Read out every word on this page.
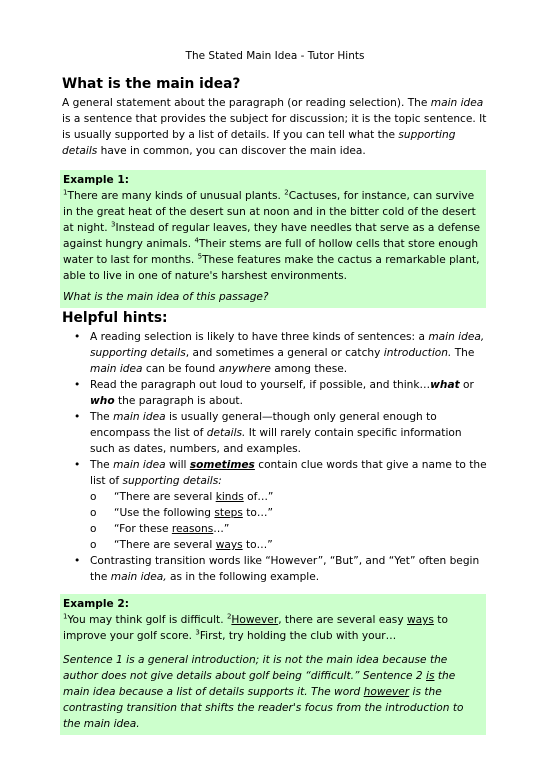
The Stated Main Idea - Tutor Hints
What is the main idea?

A general statement about the paragraph (or reading selection). The main idea is a sentence that provides the subject for discussion; it is the topic sentence. It is usually supported by a list of details. If you can tell what the supporting details have in common, you can discover the main idea.

Example 1:
$^1$There are many kinds of unusual plants. $^2$Cactuses, for instance, can survive in the great heat of the desert sun at noon and in the bitter cold of the desert at night. $^3$Instead of regular leaves, they have needles that serve as a defense against hungry animals. $^4$Their stems are full of hollow cells that store enough water to last for months. $^5$These features make the cactus a remarkable plant, able to live in one of nature's harshest environments.
What is the main idea of this passage?
Helpful hints:
• A reading selection is likely to have three kinds of sentences: a main idea, supporting details, and sometimes a general or catchy introduction. The main idea can be found anywhere among these.
• Read the paragraph out loud to yourself, if possible, and think…what or who the paragraph is about.
• The main idea is usually general—though only general enough to encompass the list of details. It will rarely contain specific information such as dates, numbers, and examples.
• The main idea will sometimes contain clue words that give a name to the list of supporting details:
o “There are several kinds of…”
o “Use the following steps to…”
o “For these reasons…”
o “There are several ways to…”
• Contrasting transition words like “However”, “But”, and “Yet” often begin the main idea, as in the following example.
Example 2:
$^1$You may think golf is difficult. $^2$However, there are several easy ways to improve your golf score. $^3$First, try holding the club with your…
Sentence 1 is a general introduction; it is not the main idea because the author does not give details about golf being “difficult.” Sentence 2 is the main idea because a list of details supports it. The word however is the contrasting transition that shifts the reader's focus from the introduction to the main idea.
